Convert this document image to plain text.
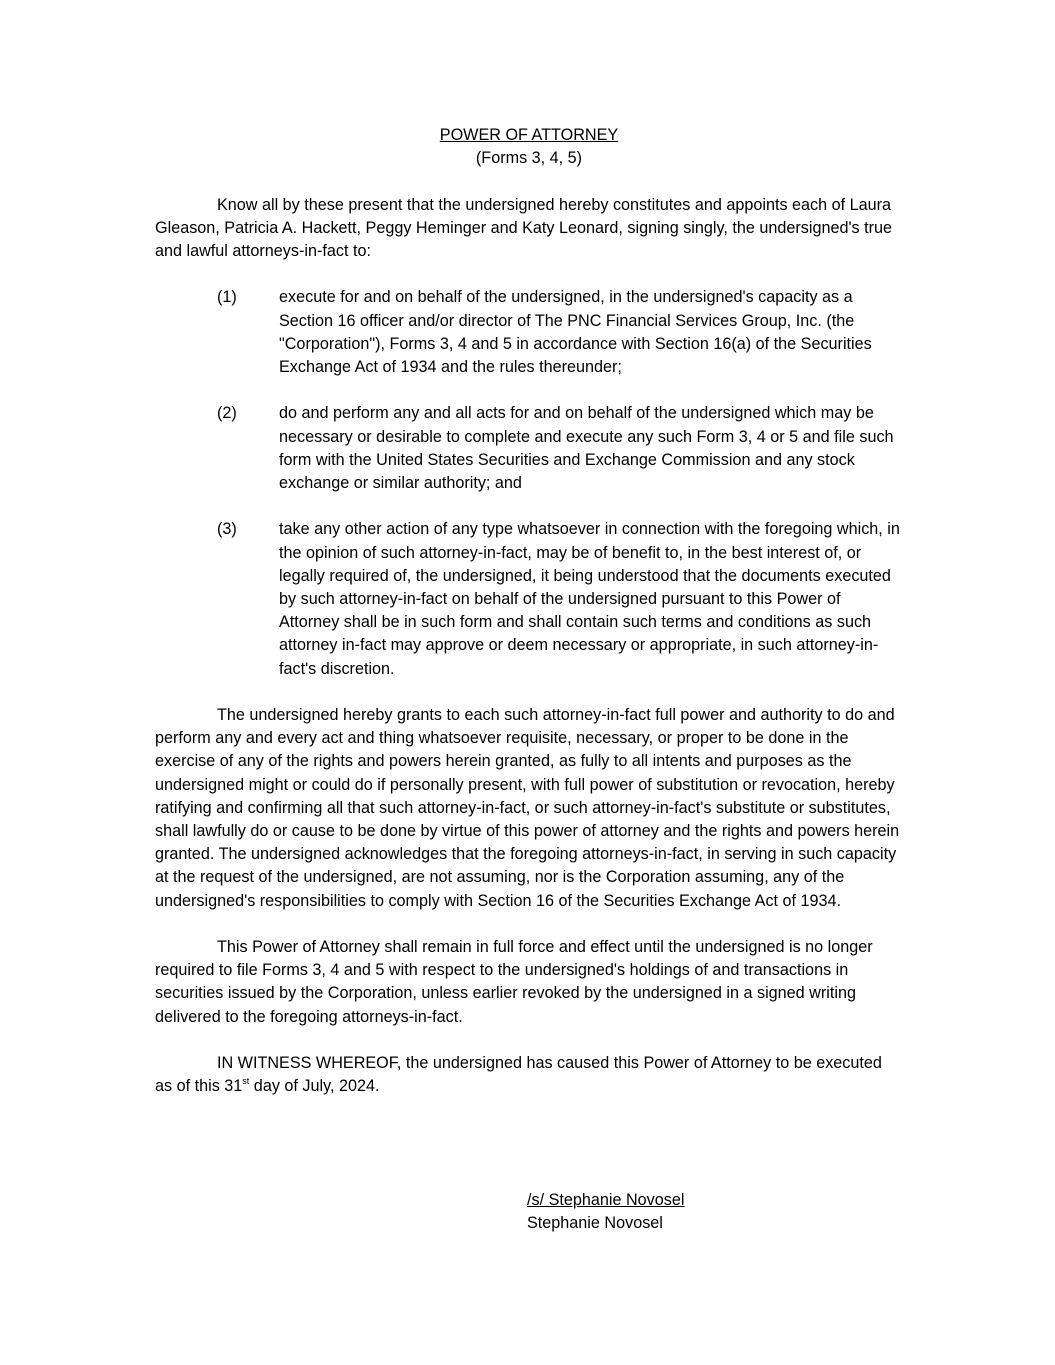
POWER OF ATTORNEY

(Forms 3, 4, 5)

Know all by these present that the undersigned hereby constitutes and appoints each of Laura Gleason, Patricia A. Hackett, Peggy Heminger and Katy Leonard, signing singly, the undersigned's true and lawful attorneys-in-fact to:

(1)	execute for and on behalf of the undersigned, in the undersigned's capacity as a Section 16 officer and/or director of The PNC Financial Services Group, Inc. (the "Corporation"), Forms 3, 4 and 5 in accordance with Section 16(a) of the Securities Exchange Act of 1934 and the rules thereunder;
(2)	do and perform any and all acts for and on behalf of the undersigned which may be necessary or desirable to complete and execute any such Form 3, 4 or 5 and file such form with the United States Securities and Exchange Commission and any stock exchange or similar authority; and
(3)	take any other action of any type whatsoever in connection with the foregoing which, in the opinion of such attorney-in-fact, may be of benefit to, in the best interest of, or legally required of, the undersigned, it being understood that the documents executed by such attorney-in-fact on behalf of the undersigned pursuant to this Power of Attorney shall be in such form and shall contain such terms and conditions as such attorney in-fact may approve or deem necessary or appropriate, in such attorney-in-fact's discretion.

The undersigned hereby grants to each such attorney-in-fact full power and authority to do and perform any and every act and thing whatsoever requisite, necessary, or proper to be done in the exercise of any of the rights and powers herein granted, as fully to all intents and purposes as the undersigned might or could do if personally present, with full power of substitution or revocation, hereby ratifying and confirming all that such attorney-in-fact, or such attorney-in-fact's substitute or substitutes, shall lawfully do or cause to be done by virtue of this power of attorney and the rights and powers herein granted. The undersigned acknowledges that the foregoing attorneys-in-fact, in serving in such capacity at the request of the undersigned, are not assuming, nor is the Corporation assuming, any of the undersigned's responsibilities to comply with Section 16 of the Securities Exchange Act of 1934.

This Power of Attorney shall remain in full force and effect until the undersigned is no longer required to file Forms 3, 4 and 5 with respect to the undersigned's holdings of and transactions in securities issued by the Corporation, unless earlier revoked by the undersigned in a signed writing delivered to the foregoing attorneys-in-fact.

IN WITNESS WHEREOF, the undersigned has caused this Power of Attorney to be executed as of this 31st day of July, 2024.

/s/ Stephanie Novosel
Stephanie Novosel
